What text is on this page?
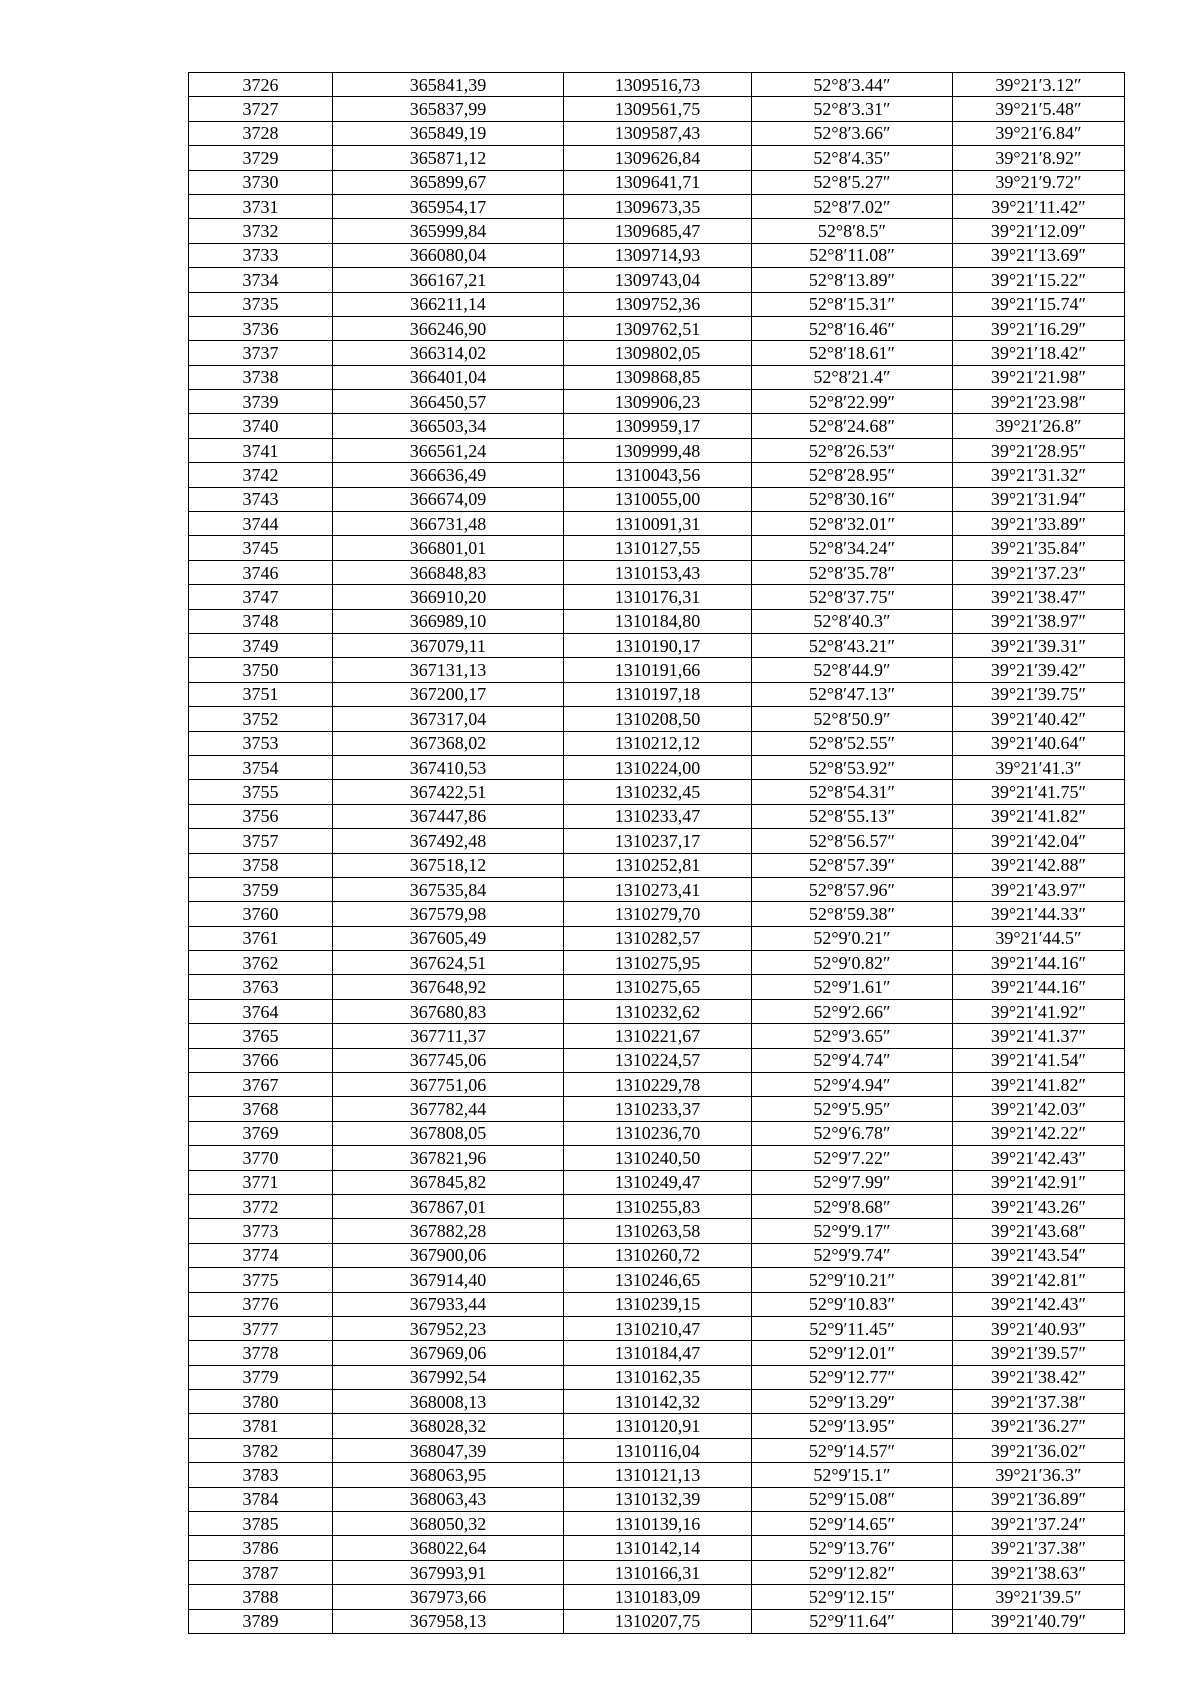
3726	365841,39	1309516,73	52°8′3.44″	39°21′3.12″
3727	365837,99	1309561,75	52°8′3.31″	39°21′5.48″
3728	365849,19	1309587,43	52°8′3.66″	39°21′6.84″
3729	365871,12	1309626,84	52°8′4.35″	39°21′8.92″
3730	365899,67	1309641,71	52°8′5.27″	39°21′9.72″
3731	365954,17	1309673,35	52°8′7.02″	39°21′11.42″
3732	365999,84	1309685,47	52°8′8.5″	39°21′12.09″
3733	366080,04	1309714,93	52°8′11.08″	39°21′13.69″
3734	366167,21	1309743,04	52°8′13.89″	39°21′15.22″
3735	366211,14	1309752,36	52°8′15.31″	39°21′15.74″
3736	366246,90	1309762,51	52°8′16.46″	39°21′16.29″
3737	366314,02	1309802,05	52°8′18.61″	39°21′18.42″
3738	366401,04	1309868,85	52°8′21.4″	39°21′21.98″
3739	366450,57	1309906,23	52°8′22.99″	39°21′23.98″
3740	366503,34	1309959,17	52°8′24.68″	39°21′26.8″
3741	366561,24	1309999,48	52°8′26.53″	39°21′28.95″
3742	366636,49	1310043,56	52°8′28.95″	39°21′31.32″
3743	366674,09	1310055,00	52°8′30.16″	39°21′31.94″
3744	366731,48	1310091,31	52°8′32.01″	39°21′33.89″
3745	366801,01	1310127,55	52°8′34.24″	39°21′35.84″
3746	366848,83	1310153,43	52°8′35.78″	39°21′37.23″
3747	366910,20	1310176,31	52°8′37.75″	39°21′38.47″
3748	366989,10	1310184,80	52°8′40.3″	39°21′38.97″
3749	367079,11	1310190,17	52°8′43.21″	39°21′39.31″
3750	367131,13	1310191,66	52°8′44.9″	39°21′39.42″
3751	367200,17	1310197,18	52°8′47.13″	39°21′39.75″
3752	367317,04	1310208,50	52°8′50.9″	39°21′40.42″
3753	367368,02	1310212,12	52°8′52.55″	39°21′40.64″
3754	367410,53	1310224,00	52°8′53.92″	39°21′41.3″
3755	367422,51	1310232,45	52°8′54.31″	39°21′41.75″
3756	367447,86	1310233,47	52°8′55.13″	39°21′41.82″
3757	367492,48	1310237,17	52°8′56.57″	39°21′42.04″
3758	367518,12	1310252,81	52°8′57.39″	39°21′42.88″
3759	367535,84	1310273,41	52°8′57.96″	39°21′43.97″
3760	367579,98	1310279,70	52°8′59.38″	39°21′44.33″
3761	367605,49	1310282,57	52°9′0.21″	39°21′44.5″
3762	367624,51	1310275,95	52°9′0.82″	39°21′44.16″
3763	367648,92	1310275,65	52°9′1.61″	39°21′44.16″
3764	367680,83	1310232,62	52°9′2.66″	39°21′41.92″
3765	367711,37	1310221,67	52°9′3.65″	39°21′41.37″
3766	367745,06	1310224,57	52°9′4.74″	39°21′41.54″
3767	367751,06	1310229,78	52°9′4.94″	39°21′41.82″
3768	367782,44	1310233,37	52°9′5.95″	39°21′42.03″
3769	367808,05	1310236,70	52°9′6.78″	39°21′42.22″
3770	367821,96	1310240,50	52°9′7.22″	39°21′42.43″
3771	367845,82	1310249,47	52°9′7.99″	39°21′42.91″
3772	367867,01	1310255,83	52°9′8.68″	39°21′43.26″
3773	367882,28	1310263,58	52°9′9.17″	39°21′43.68″
3774	367900,06	1310260,72	52°9′9.74″	39°21′43.54″
3775	367914,40	1310246,65	52°9′10.21″	39°21′42.81″
3776	367933,44	1310239,15	52°9′10.83″	39°21′42.43″
3777	367952,23	1310210,47	52°9′11.45″	39°21′40.93″
3778	367969,06	1310184,47	52°9′12.01″	39°21′39.57″
3779	367992,54	1310162,35	52°9′12.77″	39°21′38.42″
3780	368008,13	1310142,32	52°9′13.29″	39°21′37.38″
3781	368028,32	1310120,91	52°9′13.95″	39°21′36.27″
3782	368047,39	1310116,04	52°9′14.57″	39°21′36.02″
3783	368063,95	1310121,13	52°9′15.1″	39°21′36.3″
3784	368063,43	1310132,39	52°9′15.08″	39°21′36.89″
3785	368050,32	1310139,16	52°9′14.65″	39°21′37.24″
3786	368022,64	1310142,14	52°9′13.76″	39°21′37.38″
3787	367993,91	1310166,31	52°9′12.82″	39°21′38.63″
3788	367973,66	1310183,09	52°9′12.15″	39°21′39.5″
3789	367958,13	1310207,75	52°9′11.64″	39°21′40.79″
